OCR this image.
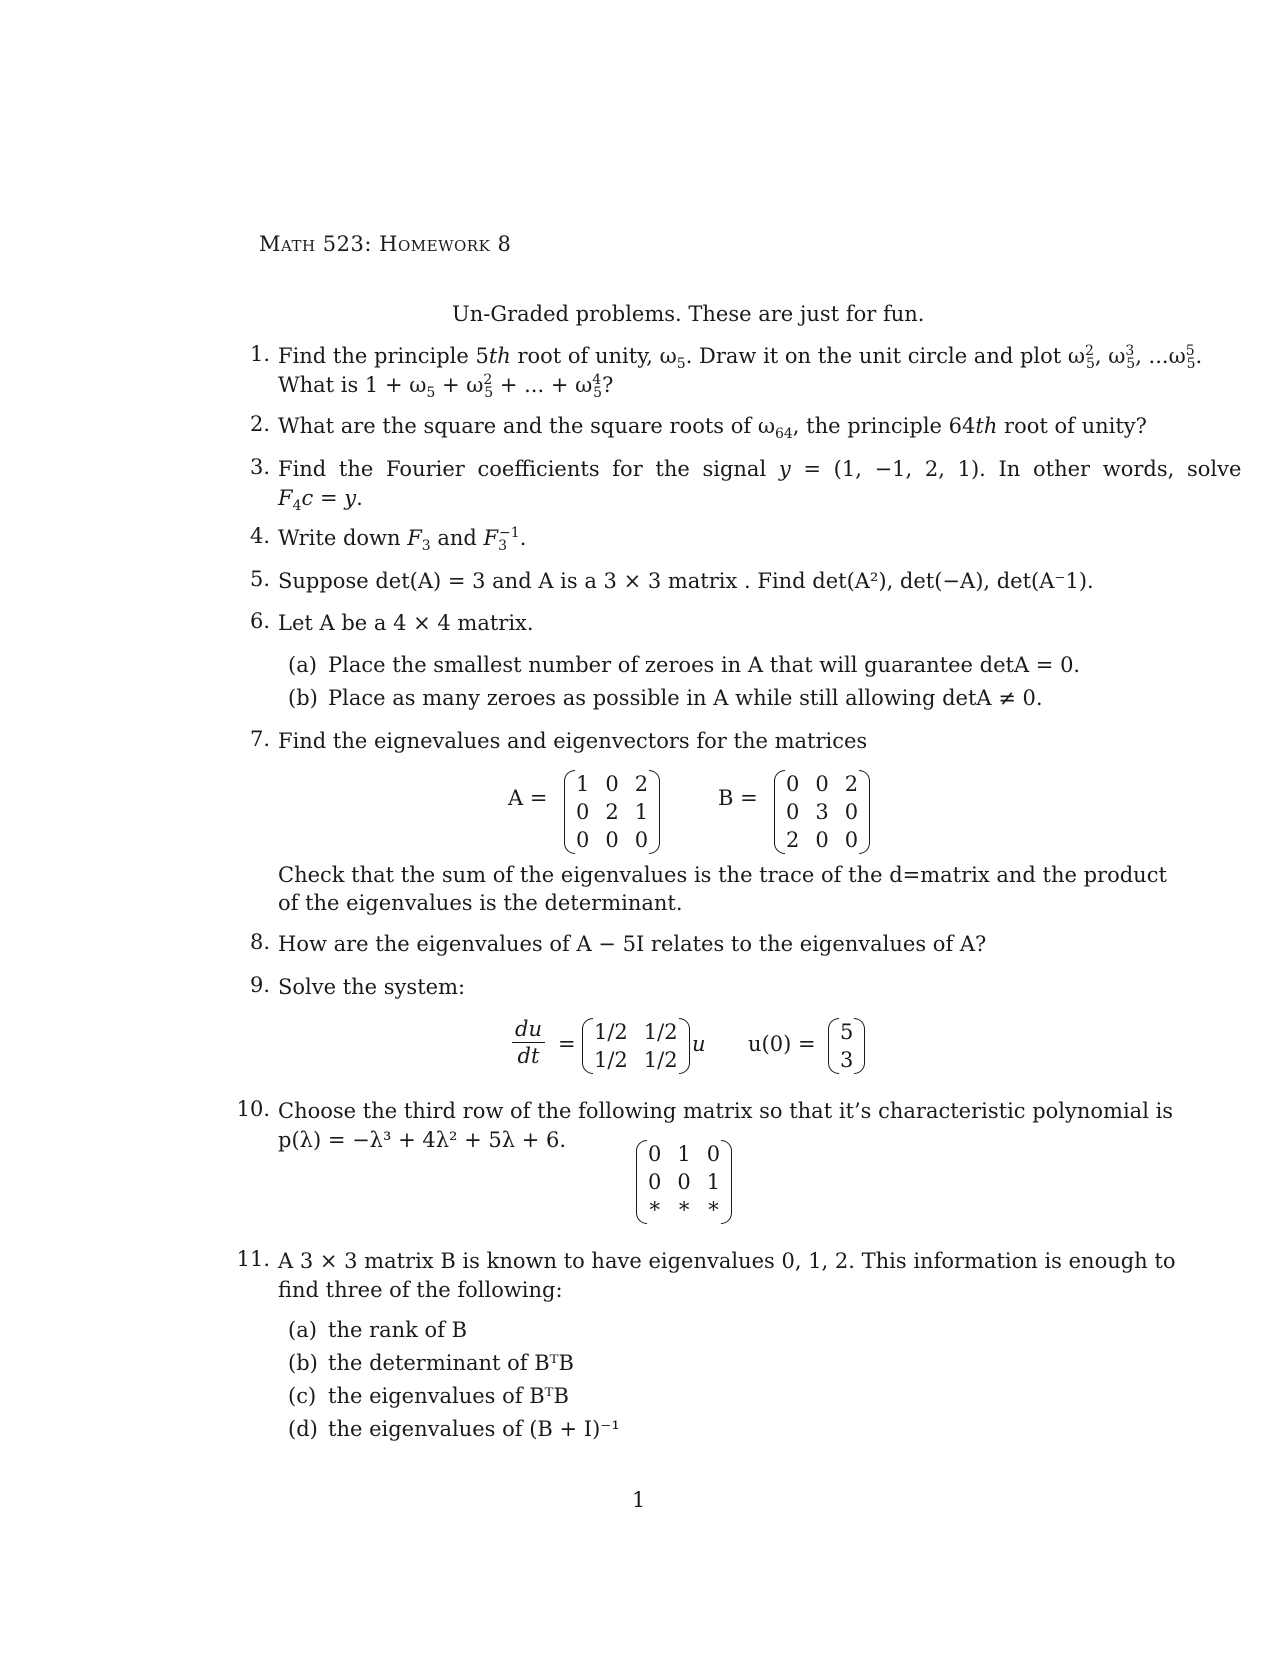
Math 523: Homework 8
Un-Graded problems. These are just for fun.
1. Find the principle 5th root of unity, $\omega_5$. Draw it on the unit circle and plot $\omega^2_5$, $\omega^3_5$, $...\omega^5_5$.
What is $1 + \omega_5 + \omega^2_5$ + ... + $\omega^4_5$?
2. What are the square and the square roots of $\omega_{64}$, the principle 64th root of unity?
3. Find the Fourier coefficients for the signal y = (1, −1, 2, 1). In other words, solve
$F_4c = y$.
4. Write down $F_3$ and $F_3^{-1}$.
5. Suppose det(A) = 3 and A is a 3 × 3 matrix . Find det(A²), det(−A), det(A⁻1).
6. Let A be a 4 × 4 matrix.
(a) Place the smallest number of zeroes in A that will guarantee detA = 0.
(b) Place as many zeroes as possible in A while still allowing detA ≠ 0.
7. Find the eignevalues and eigenvectors for the matrices
A =
1	0	2
0	2	1
0	0	0
B =
0	0	2
0	3	0
2	0	0
Check that the sum of the eigenvalues is the trace of the d=matrix and the product
of the eigenvalues is the determinant.
8. How are the eigenvalues of A − 5I relates to the eigenvalues of A?
9. Solve the system:
$\frac{du}{dt} = 1/2$	1/2
1/2	1/2
u u(0) = 5
3
10. Choose the third row of the following matrix so that it’s characteristic polynomial is
p(λ) = −λ³ + 4λ² + 5λ + 6.
0	1	0
0	0	1
*	*	*
11. A 3 × 3 matrix B is known to have eigenvalues 0, 1, 2. This information is enough to
find three of the following:
(a) the rank of B
(b) the determinant of BᵀB
(c) the eigenvalues of BᵀB
(d) the eigenvalues of (B + I)⁻¹
1
